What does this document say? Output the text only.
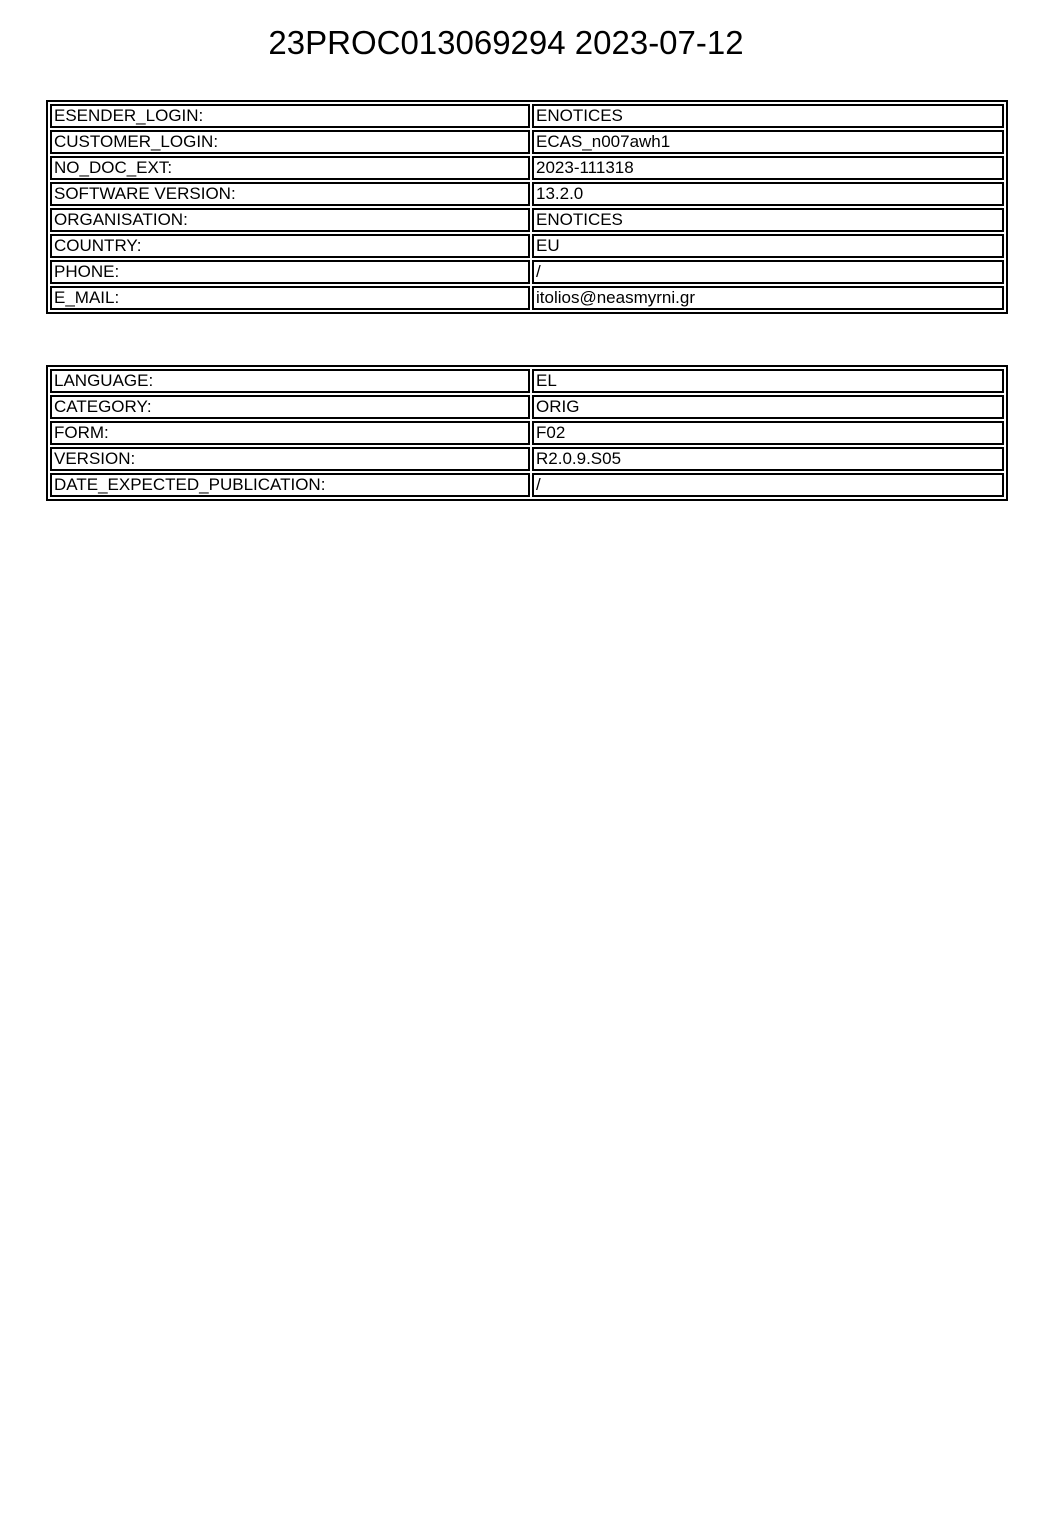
23PROC013069294 2023-07-12
ESENDER_LOGIN:	ENOTICES
CUSTOMER_LOGIN:	ECAS_n007awh1
NO_DOC_EXT:	2023-111318
SOFTWARE VERSION:	13.2.0
ORGANISATION:	ENOTICES
COUNTRY:	EU
PHONE:	/
E_MAIL:	itolios@neasmyrni.gr
LANGUAGE:	EL
CATEGORY:	ORIG
FORM:	F02
VERSION:	R2.0.9.S05
DATE_EXPECTED_PUBLICATION:	/
